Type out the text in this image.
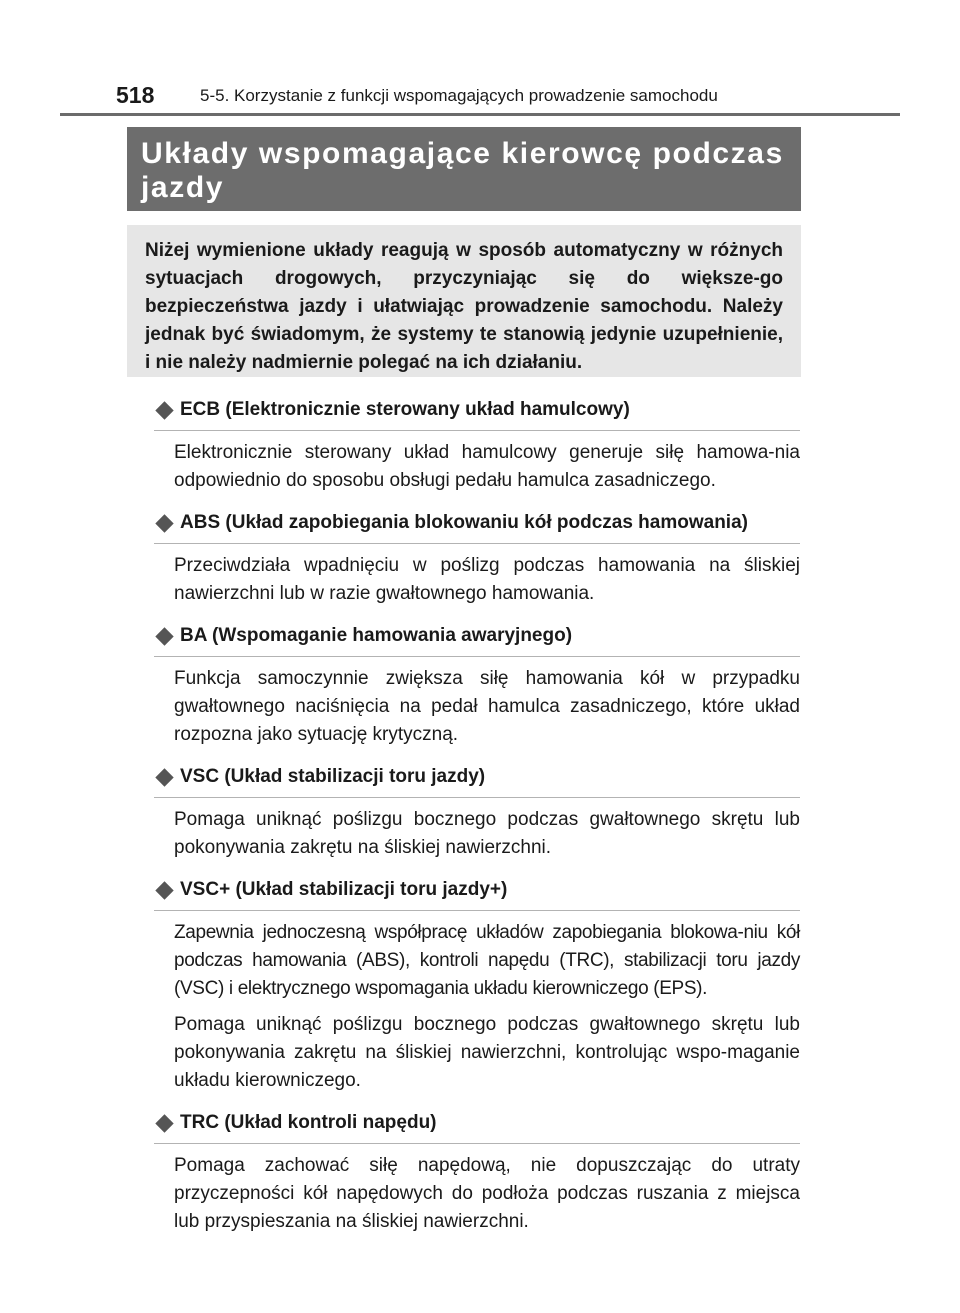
518	5-5. Korzystanie z funkcji wspomagających prowadzenie samochodu
Układy wspomagające kierowcę podczas jazdy

Niżej wymienione układy reagują w sposób automatyczny w różnych sytuacjach drogowych, przyczyniając się do większe-go bezpieczeństwa jazdy i ułatwiając prowadzenie samochodu. Należy jednak być świadomym, że systemy te stanowią jedynie uzupełnienie, i nie należy nadmiernie polegać na ich działaniu.

ECB (Elektronicznie sterowany układ hamulcowy)

Elektronicznie sterowany układ hamulcowy generuje siłę hamowa-nia odpowiednio do sposobu obsługi pedału hamulca zasadniczego.

ABS (Układ zapobiegania blokowaniu kół podczas hamowania)

Przeciwdziała wpadnięciu w poślizg podczas hamowania na śliskiej nawierzchni lub w razie gwałtownego hamowania.

BA (Wspomaganie hamowania awaryjnego)

Funkcja samoczynnie zwiększa siłę hamowania kół w przypadku gwałtownego naciśnięcia na pedał hamulca zasadniczego, które układ rozpozna jako sytuację krytyczną.

VSC (Układ stabilizacji toru jazdy)

Pomaga uniknąć poślizgu bocznego podczas gwałtownego skrętu lub pokonywania zakrętu na śliskiej nawierzchni.

VSC+ (Układ stabilizacji toru jazdy+)

Zapewnia jednoczesną współpracę układów zapobiegania blokowa-niu kół podczas hamowania (ABS), kontroli napędu (TRC), stabilizacji toru jazdy (VSC) i elektrycznego wspomagania układu kierowniczego (EPS).

Pomaga uniknąć poślizgu bocznego podczas gwałtownego skrętu lub pokonywania zakrętu na śliskiej nawierzchni, kontrolując wspo-maganie układu kierowniczego.

TRC (Układ kontroli napędu)

Pomaga zachować siłę napędową, nie dopuszczając do utraty przyczepności kół napędowych do podłoża podczas ruszania z miejsca lub przyspieszania na śliskiej nawierzchni.
